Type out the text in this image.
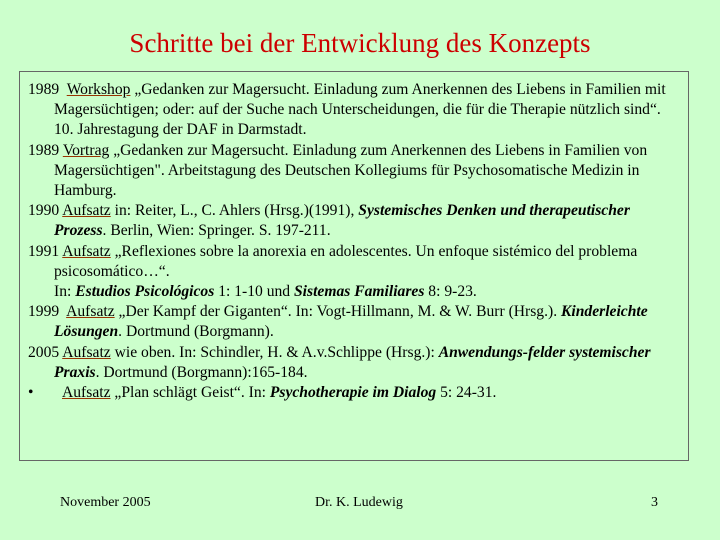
Schritte bei der Entwicklung des Konzepts
1989 Workshop „Gedanken zur Magersucht. Einladung zum Anerkennen des Liebens in Familien mit Magersüchtigen; oder: auf der Suche nach Unterscheidungen, die für die Therapie nützlich sind“.
10. Jahrestagung der DAF in Darmstadt.
1989 Vortrag „Gedanken zur Magersucht. Einladung zum Anerkennen des Liebens in Familien von Magersüchtigen". Arbeitstagung des Deutschen Kollegiums für Psychosomatische Medizin in Hamburg.
1990 Aufsatz in: Reiter, L., C. Ahlers (Hrsg.)(1991), Systemisches Denken und therapeutischer Prozess. Berlin, Wien: Springer. S. 197-211.
1991 Aufsatz „Reflexiones sobre la anorexia en adolescentes. Un enfoque sistémico del problema psicosomático…“.
In: Estudios Psicológicos 1: 1-10 und Sistemas Familiares 8: 9-23.
1999 Aufsatz „Der Kampf der Giganten“. In: Vogt-Hillmann, M. & W. Burr (Hrsg.). Kinderleichte Lösungen. Dortmund (Borgmann).
2005 Aufsatz wie oben. In: Schindler, H. & A.v.Schlippe (Hrsg.): Anwendungs-felder systemischer Praxis. Dortmund (Borgmann):165-184.
• Aufsatz „Plan schlägt Geist“. In: Psychotherapie im Dialog 5: 24-31.
November 2005	Dr. K. Ludewig	3
